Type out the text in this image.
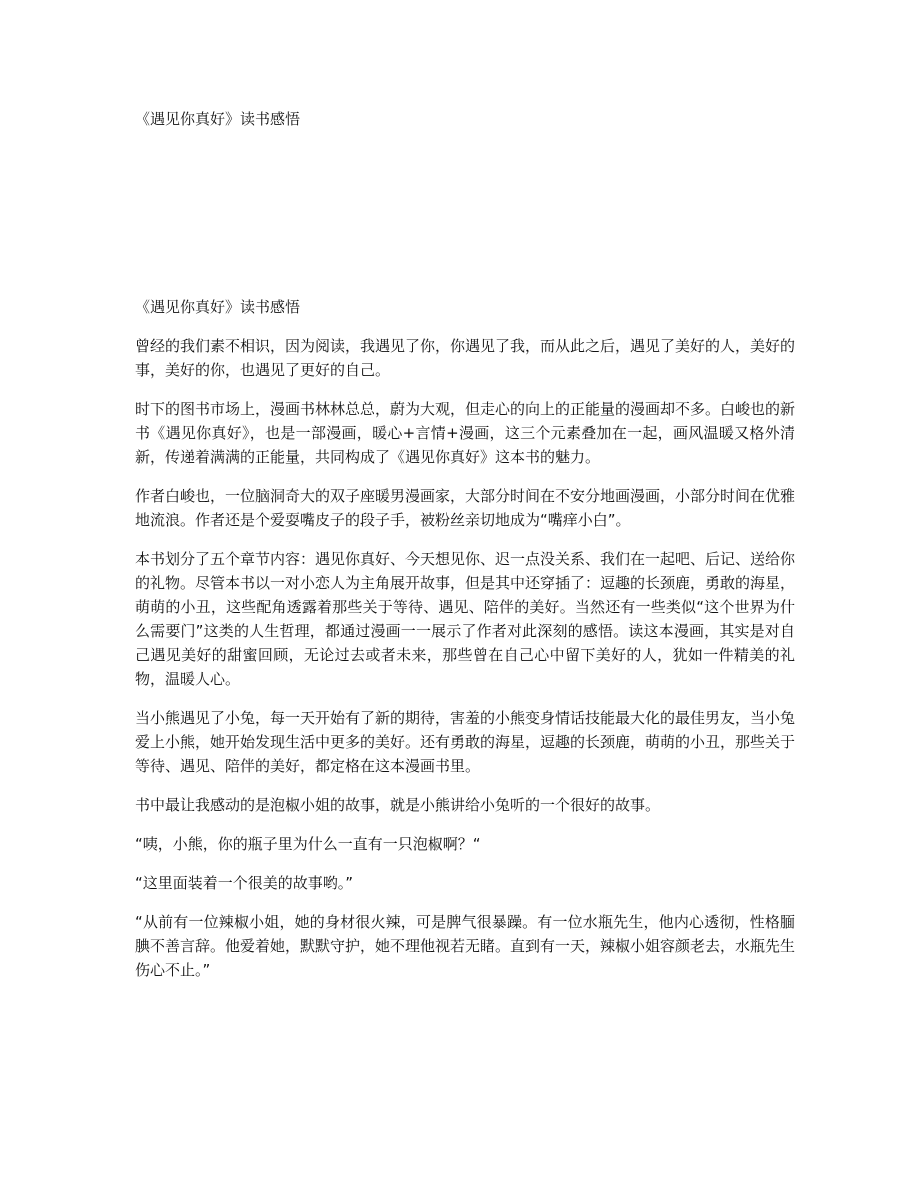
《遇见你真好》读书感悟
《遇见你真好》读书感悟

曾经的我们素不相识，因为阅读，我遇见了你，你遇见了我，而从此之后，遇见了美好的人，美好的事，美好的你，也遇见了更好的自己。

时下的图书市场上，漫画书林林总总，蔚为大观，但走心的向上的正能量的漫画却不多。白峻也的新书《遇见你真好》，也是一部漫画，暖心+言情+漫画，这三个元素叠加在一起，画风温暖又格外清新，传递着满满的正能量，共同构成了《遇见你真好》这本书的魅力。

作者白峻也，一位脑洞奇大的双子座暖男漫画家，大部分时间在不安分地画漫画，小部分时间在优雅地流浪。作者还是个爱耍嘴皮子的段子手，被粉丝亲切地成为“嘴痒小白”。

本书划分了五个章节内容：遇见你真好、今天想见你、迟一点没关系、我们在一起吧、后记、送给你的礼物。尽管本书以一对小恋人为主角展开故事，但是其中还穿插了：逗趣的长颈鹿，勇敢的海星，萌萌的小丑，这些配角透露着那些关于等待、遇见、陪伴的美好。当然还有一些类似“这个世界为什么需要门”这类的人生哲理，都通过漫画一一展示了作者对此深刻的感悟。读这本漫画，其实是对自己遇见美好的甜蜜回顾，无论过去或者未来，那些曾在自己心中留下美好的人，犹如一件精美的礼物，温暖人心。

当小熊遇见了小兔，每一天开始有了新的期待，害羞的小熊变身情话技能最大化的最佳男友，当小兔爱上小熊，她开始发现生活中更多的美好。还有勇敢的海星，逗趣的长颈鹿，萌萌的小丑，那些关于等待、遇见、陪伴的美好，都定格在这本漫画书里。

书中最让我感动的是泡椒小姐的故事，就是小熊讲给小兔听的一个很好的故事。

“咦，小熊，你的瓶子里为什么一直有一只泡椒啊？“

“这里面装着一个很美的故事哟。”

“从前有一位辣椒小姐，她的身材很火辣，可是脾气很暴躁。有一位水瓶先生，他内心透彻，性格腼腆不善言辞。他爱着她，默默守护，她不理他视若无睹。直到有一天，辣椒小姐容颜老去，水瓶先生伤心不止。”
